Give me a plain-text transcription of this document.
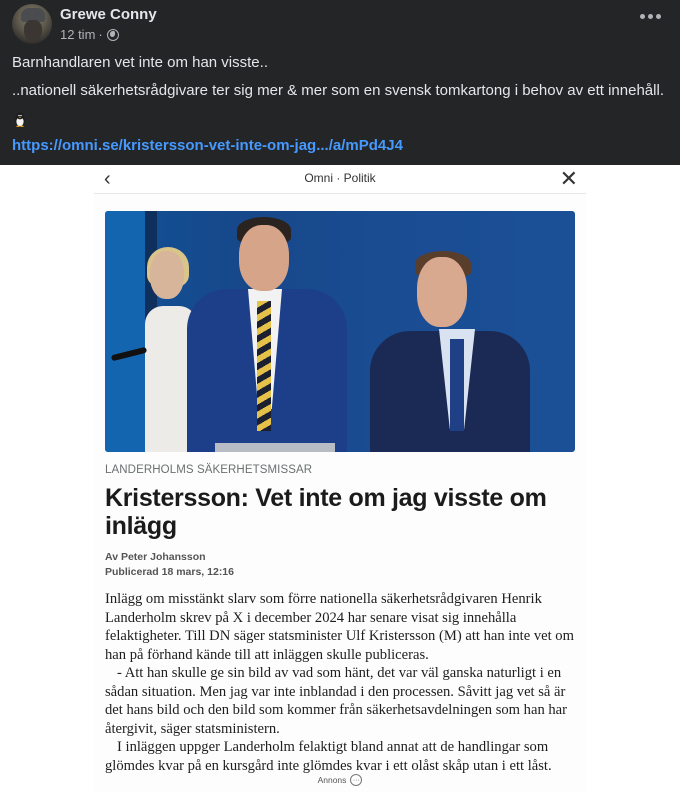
Grewe Conny
12 tim ·
Barnhandlaren vet inte om han visste..
..nationell säkerhetsrådgivare ter sig mer & mer som en svensk tomkartong i behov av ett innehåll.
https://omni.se/kristersson-vet-inte-om-jag.../a/mPd4J4
‹	Omni · Politik	✕
LANDERHOLMS SÄKERHETSMISSAR
Kristersson: Vet inte om jag visste om inlägg
Av Peter Johansson
Publicerad 18 mars, 12:16

Inlägg om misstänkt slarv som förre nationella säkerhetsrådgivaren Henrik Landerholm skrev på X i december 2024 har senare visat sig innehålla felaktigheter. Till DN säger statsminister Ulf Kristersson (M) att han inte vet om han på förhand kände till att inläggen skulle publiceras.

- Att han skulle ge sin bild av vad som hänt, det var väl ganska naturligt i en sådan situation. Men jag var inte inblandad i den processen. Såvitt jag vet så är det hans bild och den bild som kommer från säkerhetsavdelningen som han har återgivit, säger statsministern.

I inläggen uppger Landerholm felaktigt bland annat att de handlingar som glömdes kvar på en kursgård inte glömdes kvar i ett olåst skåp utan i ett låst.

Annons ···
